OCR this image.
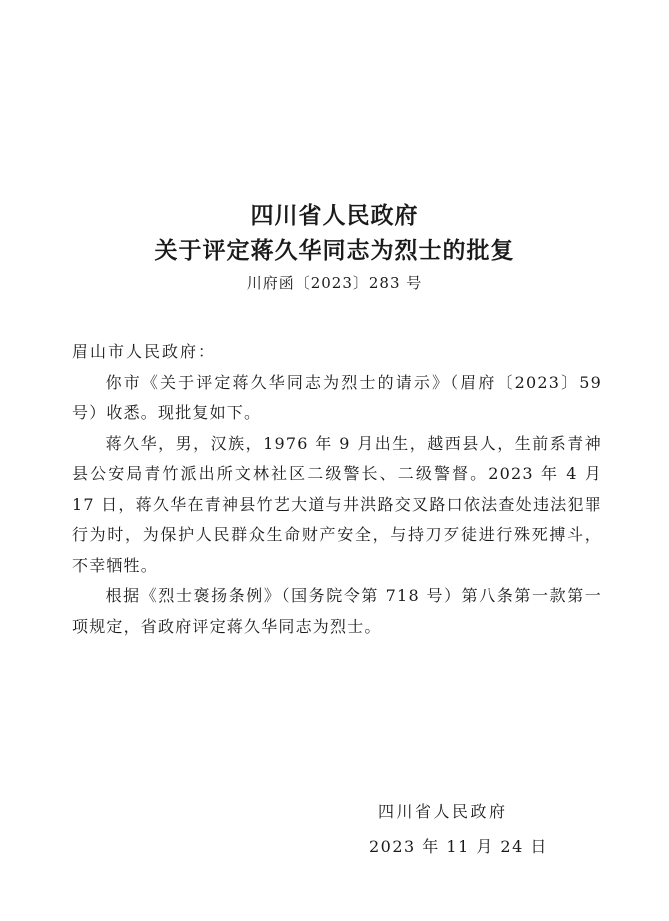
四川省人民政府
关于评定蒋久华同志为烈士的批复

川府函〔2023〕283 号

眉山市人民政府：

你市《关于评定蒋久华同志为烈士的请示》（眉府〔2023〕59 号）收悉。现批复如下。

蒋久华，男，汉族，1976 年 9 月出生，越西县人，生前系青神县公安局青竹派出所文林社区二级警长、二级警督。2023 年 4 月 17 日，蒋久华在青神县竹艺大道与井洪路交叉路口依法查处违法犯罪行为时，为保护人民群众生命财产安全，与持刀歹徒进行殊死搏斗，不幸牺牲。

根据《烈士褒扬条例》（国务院令第 718 号）第八条第一款第一项规定，省政府评定蒋久华同志为烈士。

四川省人民政府

2023 年 11 月 24 日
